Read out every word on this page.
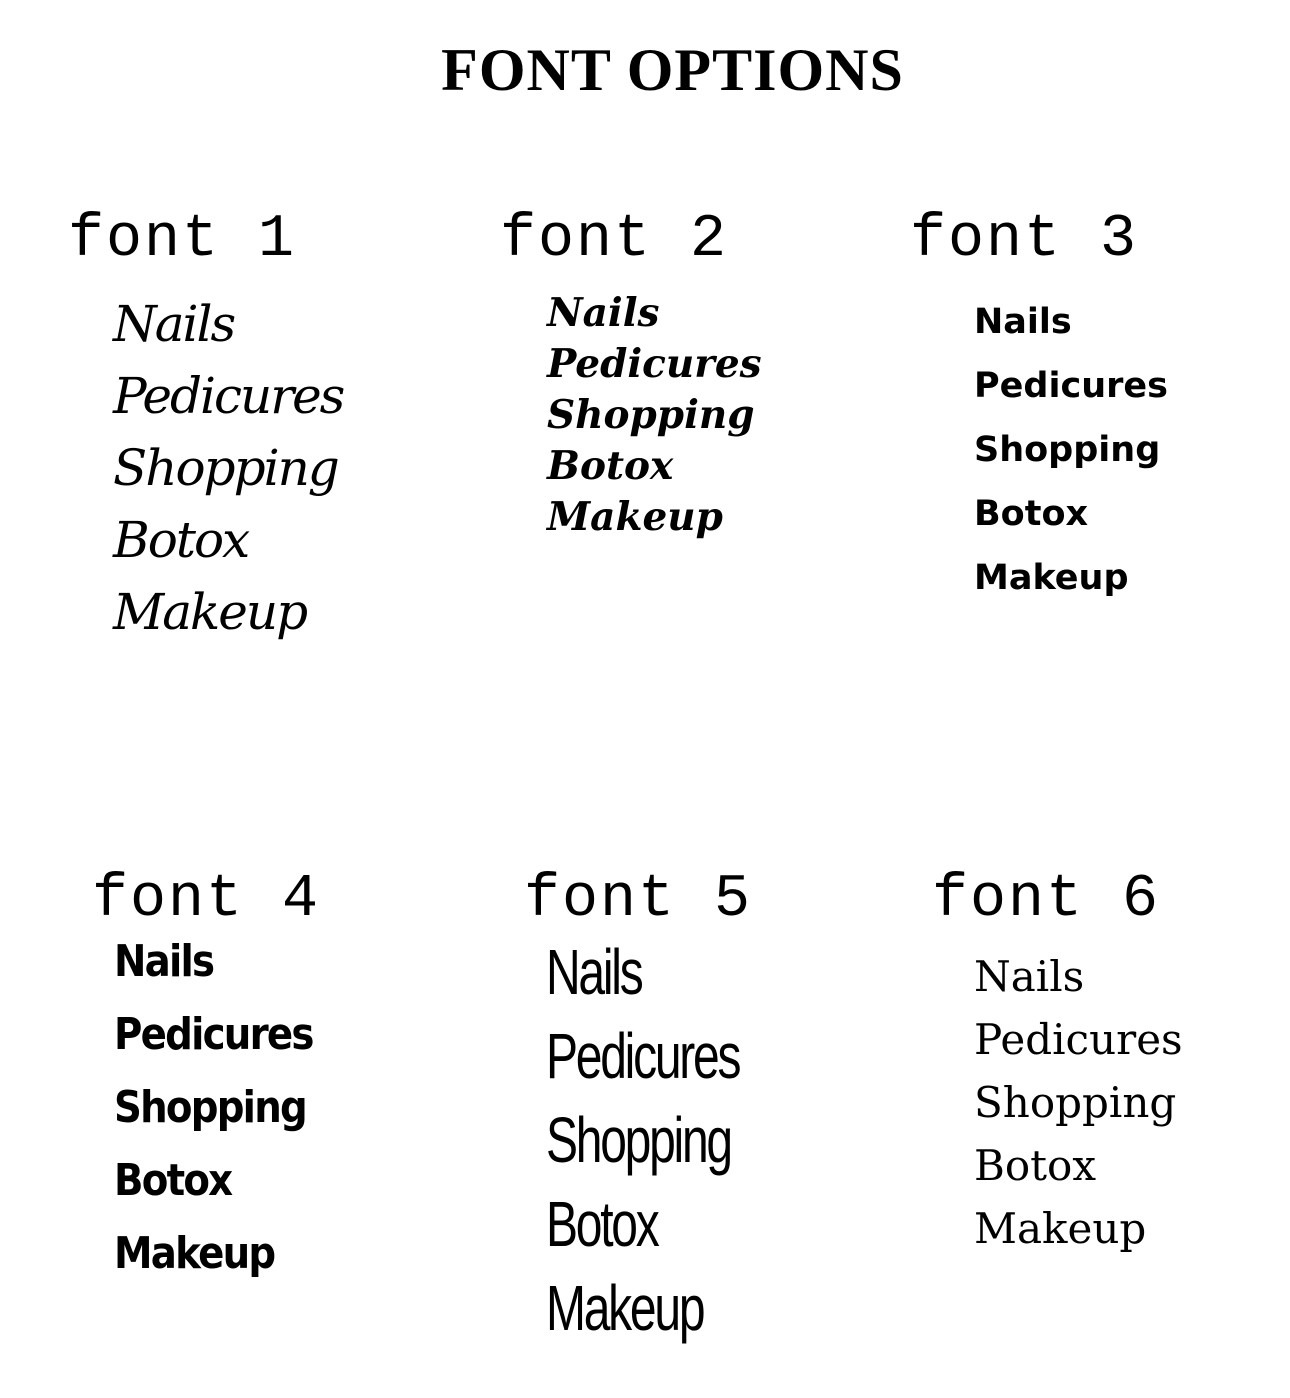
FONT OPTIONS
font 1
Nails
Pedicures
Shopping
Botox
Makeup
font 2
Nails
Pedicures
Shopping
Botox
Makeup
font 3
Nails
Pedicures
Shopping
Botox
Makeup
font 4
Nails
Pedicures
Shopping
Botox
Makeup
font 5
Nails
Pedicures
Shopping
Botox
Makeup
font 6
Nails
Pedicures
Shopping
Botox
Makeup
